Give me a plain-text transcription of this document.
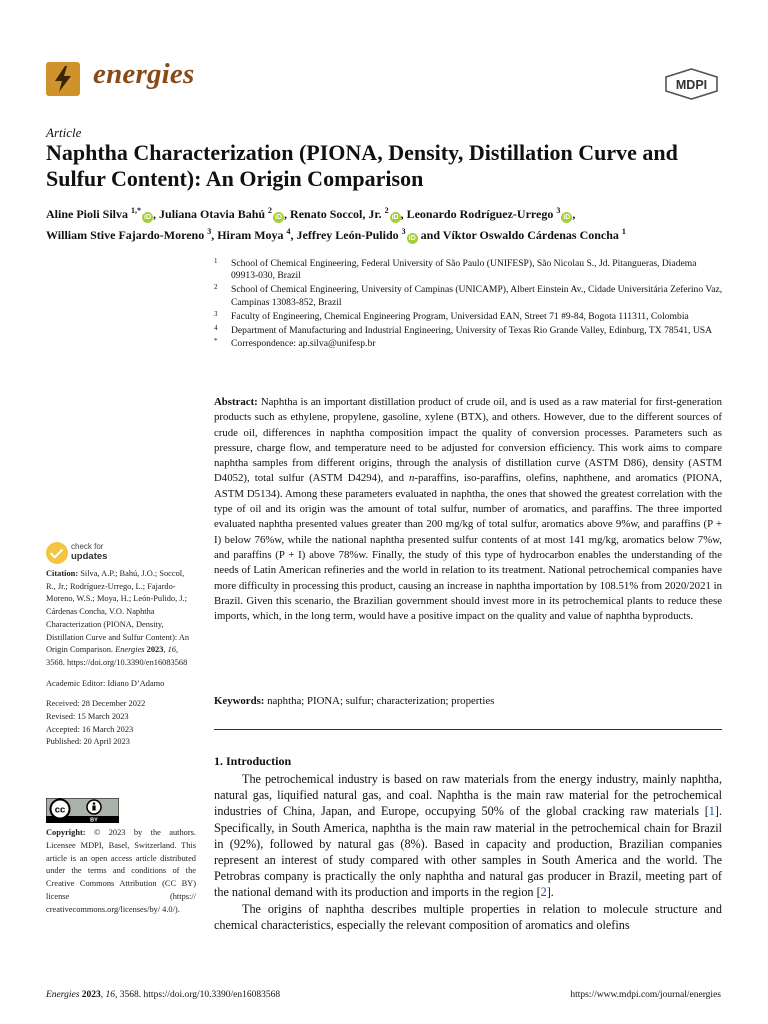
energies	MDPI
Article
Naphtha Characterization (PIONA, Density, Distillation Curve and Sulfur Content): An Origin Comparison
Aline Pioli Silva $^{1,*}$iD , Juliana Otavia Bahú $^2$iD , Renato Soccol, Jr. $^2$iD , Leonardo Rodríguez-Urrego $^3$iD ,
William Stive Fajardo-Moreno $^3$, Hiram Moya $^4$, Jeffrey León-Pulido $^3$iD and Víktor Oswaldo Cárdenas Concha $^1$
1 School of Chemical Engineering, Federal University of São Paulo (UNIFESP), São Nicolau S., Jd. Pitangueras, Diadema 09913-030, Brazil
2 School of Chemical Engineering, University of Campinas (UNICAMP), Albert Einstein Av., Cidade Universitária Zeferino Vaz, Campinas 13083-852, Brazil
3 Faculty of Engineering, Chemical Engineering Program, Universidad EAN, Street 71 #9-84, Bogota 111311, Colombia
4 Department of Manufacturing and Industrial Engineering, University of Texas Rio Grande Valley, Edinburg, TX 78541, USA
* Correspondence: ap.silva@unifesp.br
Abstract: Naphtha is an important distillation product of crude oil, and is used as a raw material for first-generation products such as ethylene, propylene, gasoline, xylene (BTX), and others. However, due to the different sources of crude oil, differences in naphtha composition impact the quality of conversion processes. Parameters such as pressure, charge flow, and temperature need to be adjusted for conversion efficiency. This work aims to compare naphtha samples from different origins, through the analysis of distillation curve (ASTM D86), density (ASTM D4052), total sulfur (ASTM D4294), and n-paraffins, iso-paraffins, olefins, naphthene, and aromatics (PIONA, ASTM D5134). Among these parameters evaluated in naphtha, the ones that showed the greatest correlation with the type of oil and its origin was the amount of total sulfur, number of aromatics, and paraffins. The three imported evaluated naphtha presented values greater than 200 mg/kg of total sulfur, aromatics above 9%w, and paraffins (P + I) below 76%w, while the national naphtha presented sulfur contents of at most 141 mg/kg, aromatics below 7%w, and paraffins (P + I) above 78%w. Finally, the study of this type of hydrocarbon enables the understanding of the needs of Latin American refineries and the world in relation to its treatment. National petrochemical companies have more difficulty in processing this product, causing an increase in naphtha importation by 108.51% from 2020/2021 in Brazil. Given this scenario, the Brazilian government should invest more in its petrochemical plants to reduce these imports, which, in the long term, would have a positive impact on the quality and value of naphtha byproducts.
Keywords: naphtha; PIONA; sulfur; characterization; properties
1. Introduction

The petrochemical industry is based on raw materials from the energy industry, mainly naphtha, natural gas, liquified natural gas, and coal. Naphtha is the main raw material for the petrochemical industries of China, Japan, and Europe, occupying 50% of the global cracking raw materials [1]. Specifically, in South America, naphtha is the main raw material in the petrochemical chain for Brazil in (92%), followed by natural gas (8%). Based in capacity and production, Brazilian companies represent an interest of study compared with other samples in South America and the world. The Petrobras company is practically the only naphtha and natural gas producer in Brazil, meeting part of the national demand with its production and imports in the region [2].

The origins of naphtha describes multiple properties in relation to molecule structure and chemical characteristics, especially the relevant composition of aromatics and olefins

check for
updates

Citation: Silva, A.P.; Bahú, J.O.; Soccol, R., Jr.; Rodríguez-Urrego, L.; Fajardo-Moreno, W.S.; Moya, H.; León-Pulido, J.; Cárdenas Concha, V.O. Naphtha Characterization (PIONA, Density, Distillation Curve and Sulfur Content): An Origin Comparison. Energies 2023, 16, 3568. https://doi.org/10.3390/en16083568

Academic Editor: Idiano D’Adamo

Received: 28 December 2022

Revised: 15 March 2023

Accepted: 16 March 2023

Published: 20 April 2023

cc
BY
Copyright: © 2023 by the authors. Licensee MDPI, Basel, Switzerland. This article is an open access article distributed under the terms and conditions of the Creative Commons Attribution (CC BY) license (https:// creativecommons.org/licenses/by/ 4.0/).
Energies 2023, 16, 3568. https://doi.org/10.3390/en16083568	https://www.mdpi.com/journal/energies
